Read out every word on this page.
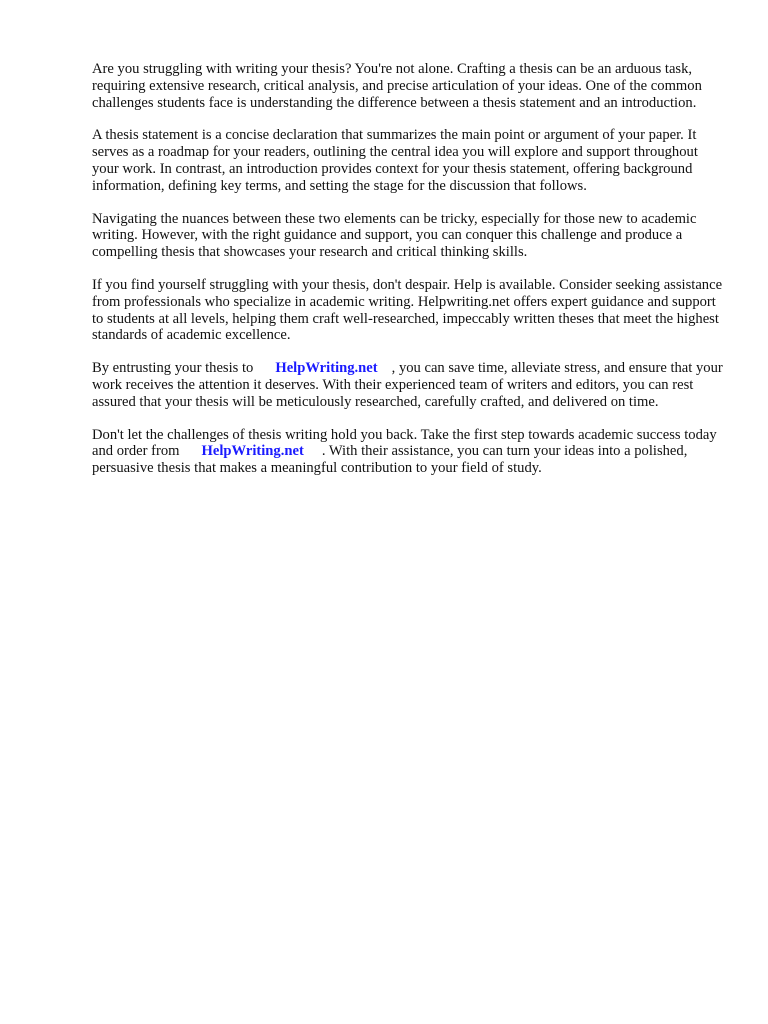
Are you struggling with writing your thesis? You're not alone. Crafting a thesis can be an arduous task, requiring extensive research, critical analysis, and precise articulation of your ideas. One of the common challenges students face is understanding the difference between a thesis statement and an introduction.

A thesis statement is a concise declaration that summarizes the main point or argument of your paper. It serves as a roadmap for your readers, outlining the central idea you will explore and support throughout your work. In contrast, an introduction provides context for your thesis statement, offering background information, defining key terms, and setting the stage for the discussion that follows.

Navigating the nuances between these two elements can be tricky, especially for those new to academic writing. However, with the right guidance and support, you can conquer this challenge and produce a compelling thesis that showcases your research and critical thinking skills.

If you find yourself struggling with your thesis, don't despair. Help is available. Consider seeking assistance from professionals who specialize in academic writing. Helpwriting.net offers expert guidance and support to students at all levels, helping them craft well-researched, impeccably written theses that meet the highest standards of academic excellence.

By entrusting your thesis to HelpWriting.net , you can save time, alleviate stress, and ensure that your work receives the attention it deserves. With their experienced team of writers and editors, you can rest assured that your thesis will be meticulously researched, carefully crafted, and delivered on time.

Don't let the challenges of thesis writing hold you back. Take the first step towards academic success today and order from HelpWriting.net . With their assistance, you can turn your ideas into a polished, persuasive thesis that makes a meaningful contribution to your field of study.
